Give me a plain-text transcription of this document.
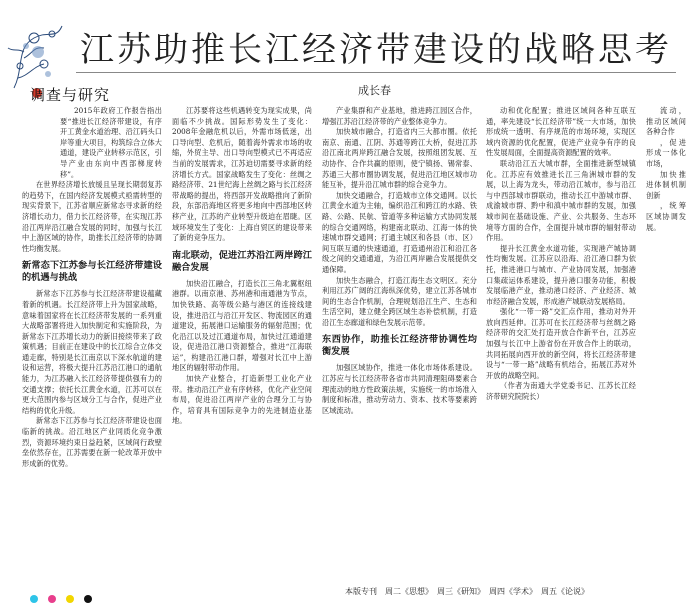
江苏助推长江经济带建设的战略思考
调查与研究	成长春

2015年政府工作报告指出要“推进长江经济带建设，有序开工黄金水道治理、沿江码头口岸等重大项目，构筑综合立体大通道，建设产业转移示范区，引导产业由东向中西部梯度转移”。

在世界经济增长放缓且呈现长期弱复苏的趋势下，在国内经济发展模式亟需转型的现实背景下，江苏省顺应新常态寻求新的经济增长动力，借力长江经济带，在实现江苏沿江两岸沿江融合发展的同时，加强与长江中上游区域的协作，助推长江经济带的协调性均衡发展。

新常态下江苏参与长江经济带建设的机遇与挑战

新常态下江苏参与长江经济带建设蕴藏着新的机遇。长江经济带上升为国家战略，意味着国家将在长江经济带发展的一系列重大战略部署将进入加快制定和实施阶段，为新常态下江苏增长动力的新旧接续带来了政策机遇；目前正在建设中的长江综合立体交通走廊，特别是长江南京以下深水航道的建设和运营，将极大提升江苏沿江港口的通航能力，为江苏融入长江经济带提供强有力的交通支撑；依托长江黄金水道，江苏可以在更大范围内参与区域分工与合作，促进产业结构的优化升级。

新常态下江苏参与长江经济带建设也面临新的挑战。沿江地区产业同质化竞争激烈，资源环境约束日益趋紧，区域间行政壁垒依然存在，江苏需要在新一轮改革开放中形成新的优势。

江苏要将这些机遇转变为现实成果，尚面临不少挑战。国际形势发生了变化：2008年金融危机以后，外需市场低迷，出口导向型、危机后，随着海外需求市场的收缩，外贸主导、出口导向型模式已不再适应当前的发展需求，江苏迫切需要寻求新的经济增长方式。国家战略发生了变化：丝绸之路经济带、21世纪海上丝绸之路与长江经济带战略的提出，将西部开发战略推向了新阶段，东部沿海地区将更多地向中西部地区转移产业，江苏的产业转型升级迫在眉睫。区域环境发生了变化：上海自贸区的建设带来了新的竞争压力。

南北联动，促进江苏沿江两岸跨江融合发展

加快沿江融合，打造长江三角北翼枢纽港群。以南京港、苏州港和南通港为节点，加快铁路、高等级公路与港区的连接线建设，推进沿江与沿江开发区、物流园区的通道建设，拓展港口运输服务的辐射范围；优化沿江以及过江通道布局，加快过江通道建设，促进沿江港口资源整合，推进“江海联运”，构建沿江港口群，增强对长江中上游地区的辐射带动作用。

加快产业整合，打造新型工业化产业带。推动沿江产业有序转移，优化产业空间布局，促进沿江两岸产业的合理分工与协作，培育具有国际竞争力的先进制造业基地。

产业集群和产业基地，推进跨江园区合作，增强江苏沿江经济带的产业整体竞争力。

加快城市融合，打造省内三大都市圈。依托南京、南通、江阴、苏通等跨江大桥，促进江苏沿江南北两岸跨江融合发展，按照组团发展、互动协作、合作共赢的原则，使宁镇扬、锡常泰、苏通三大都市圈协调发展，促进沿江地区城市功能互补，提升沿江城市群的综合竞争力。

加快交通融合，打造城市立体交通网。以长江黄金水道为主轴，编织沿江和跨江的水路、铁路、公路、民航、管道等多种运输方式协同发展的综合交通网络，构建南北联动、江海一体的快速城市群交通网；打通主城区和各县（市、区）间互联互通的快速通道，打造通州沿江和沿江各级之间的交通通道，为沿江两岸融合发展提供交通保障。

加快生态融合，打造江海生态文明区。充分利用江苏广阔的江海纵深优势，建立江苏各城市间的生态合作机制，合理规划沿江生产、生态和生活空间，建立健全跨区域生态补偿机制，打造沿江生态廊道和绿色发展示范带。

东西协作，助推长江经济带协调性均衡发展

加强区域协作，推进一体化市场体系建设。江苏应与长江经济带各省市共同清理阻碍要素合理流动的地方性政策法规，实施统一的市场准入制度和标准，推动劳动力、资本、技术等要素跨区域流动。

动和优化配置；推进区域间各种互联互通，率先建设“长江经济带”统一大市场，加快形成统一透明、有序规范的市场环境，实现区域内资源的优化配置，促进产业竞争有序的良性发展局面，全面提高资源配置的效率。

联动沿江五大城市群，全面推进新型城镇化。江苏应有效推进长江三角洲城市群的发展，以上海为龙头，带动沿江城市，参与沿江与中西部城市群联动，推动长江中游城市群、成渝城市群、黔中和滇中城市群的发展，加强城市间在基础设施、产业、公共服务、生态环境等方面的合作，全面提升城市群的辐射带动作用。

提升长江黄金水道功能，实现港产城协调性均衡发展。江苏应以沿海、沿江港口群为依托，推进港口与城市、产业协同发展，加强港口集疏运体系建设，提升港口服务功能，积极发展临港产业，推动港口经济、产业经济、城市经济融合发展，形成港产城联动发展格局。

强化“一带一路”交汇点作用，推动对外开放向西延伸。江苏可在长江经济带与丝绸之路经济带的交汇处打造开放合作新平台，江苏应加强与长江中上游省份在开放合作上的联动，共同拓展向西开放的新空间，将长江经济带建设与“一带一路”战略有机结合，拓展江苏对外开放的战略空间。

（作者为南通大学党委书记、江苏长江经济带研究院院长）

流动，推动区域间各种合作

，促进形成一体化市场，

加快推进体制机制创新

，统筹区域协调发展。

本版专刊　周二《思想》　周三《研知》　周四《学术》　周五《论说》
